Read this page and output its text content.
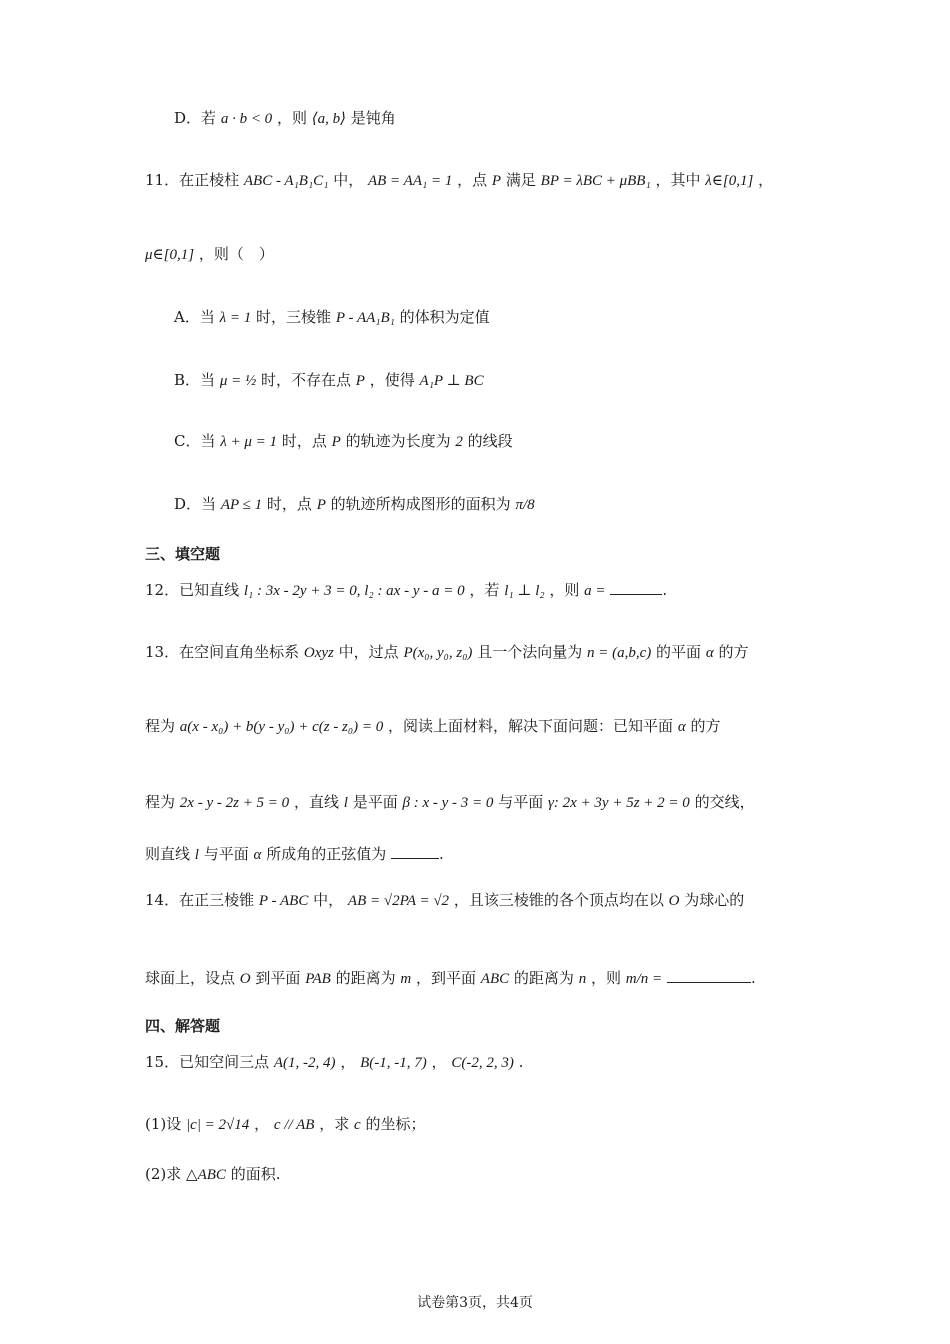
D．若 a · b < 0 ，则 ⟨a, b⟩ 是钝角
11．在正棱柱 ABC - A₁B₁C₁ 中， AB = AA₁ = 1 ，点 P 满足 BP = λBC + μBB₁ ，其中 λ∈[0,1] ，
μ∈[0,1] ，则（　）
A．当 λ = 1 时，三棱锥 P - AA₁B₁ 的体积为定值
B．当 μ = ½ 时，不存在点 P ，使得 A₁P ⊥ BC
C．当 λ + μ = 1 时，点 P 的轨迹为长度为 2 的线段
D．当 AP ≤ 1 时，点 P 的轨迹所构成图形的面积为 π/8
三、填空题
12．已知直线 l₁ : 3x - 2y + 3 = 0, l₂ : ax - y - a = 0 ，若 l₁ ⊥ l₂ ，则 a =	.
13．在空间直角坐标系 Oxyz 中，过点 P(x₀, y₀, z₀) 且一个法向量为 n = (a,b,c) 的平面 α 的方
程为 a(x - x₀) + b(y - y₀) + c(z - z₀) = 0 ，阅读上面材料，解决下面问题：已知平面 α 的方
程为 2x - y - 2z + 5 = 0 ，直线 l 是平面 β : x - y - 3 = 0 与平面 γ: 2x + 3y + 5z + 2 = 0 的交线，
则直线 l 与平面 α 所成角的正弦值为	.
14．在正三棱锥 P - ABC 中， AB = √2PA = √2 ，且该三棱锥的各个顶点均在以 O 为球心的
球面上，设点 O 到平面 PAB 的距离为 m ，到平面 ABC 的距离为 n ，则 m/n =	.
四、解答题
15．已知空间三点 A(1, -2, 4) ， B(-1, -1, 7) ， C(-2, 2, 3) .
(1)设 |c| = 2√14 ， c // AB ，求 c 的坐标；
(2)求 △ABC 的面积.
试卷第3页，共4页
